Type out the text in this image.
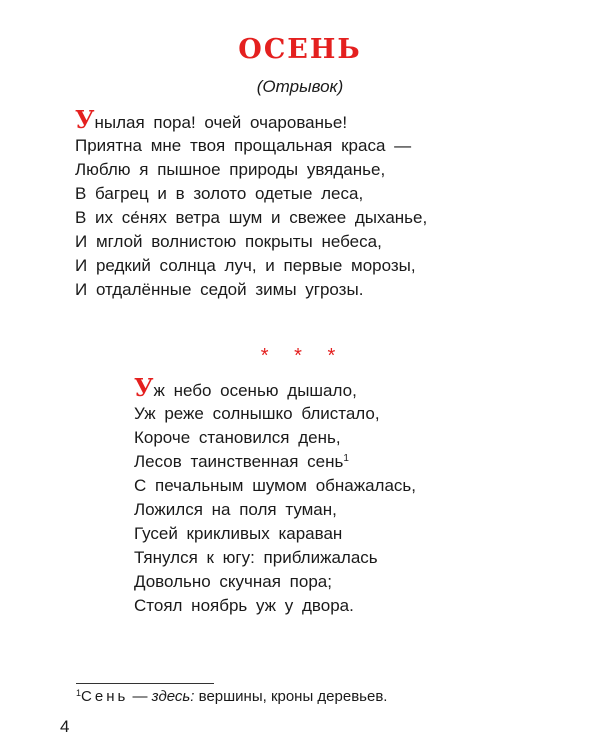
ОСЕНЬ
(Отрывок)
Унылая пора! очей очарованье!
Приятна мне твоя прощальная краса —
Люблю я пышное природы увяданье,
В багрец и в золото одетые леса,
В их се́нях ветра шум и свежее дыханье,
И мглой волнистою покрыты небеса,
И редкий солнца луч, и первые морозы,
И отдалённые седой зимы угрозы.
* * *
Уж небо осенью дышало,
Уж реже солнышко блистало,
Короче становился день,
Лесов таинственная сень$^1$
С печальным шумом обнажалась,
Ложился на поля туман,
Гусей крикливых караван
Тянулся к югу: приближалась
Довольно скучная пора;
Стоял ноябрь уж у двора.
$^1$Сень — здесь: вершины, кроны деревьев.
4
